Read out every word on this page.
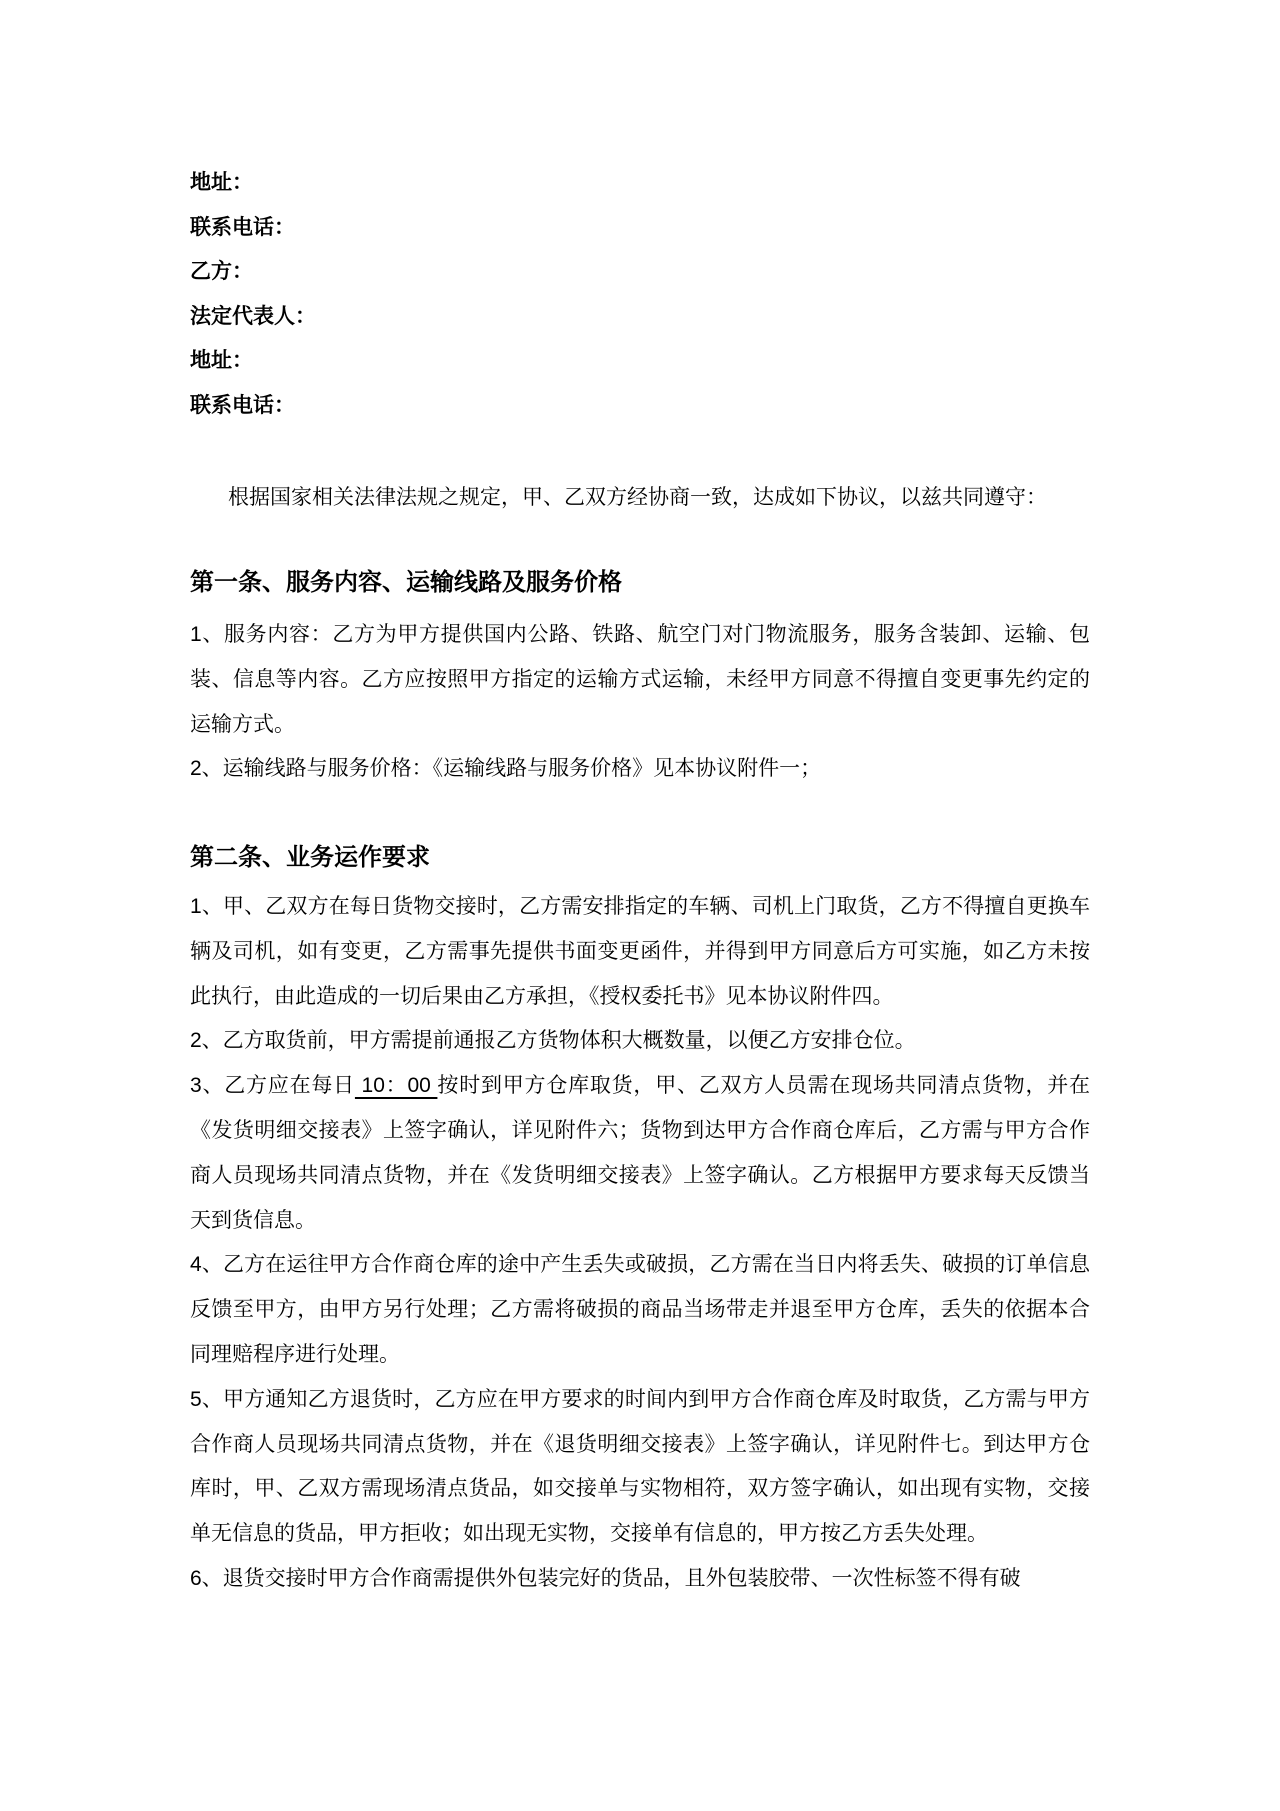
地址：

联系电话：

乙方：

法定代表人：

地址：

联系电话：

根据国家相关法律法规之规定，甲、乙双方经协商一致，达成如下协议，以兹共同遵守：

第一条、服务内容、运输线路及服务价格

1、服务内容：乙方为甲方提供国内公路、铁路、航空门对门物流服务，服务含装卸、运输、包装、信息等内容。乙方应按照甲方指定的运输方式运输，未经甲方同意不得擅自变更事先约定的运输方式。

2、运输线路与服务价格：《运输线路与服务价格》见本协议附件一；

第二条、业务运作要求

1、甲、乙双方在每日货物交接时，乙方需安排指定的车辆、司机上门取货，乙方不得擅自更换车辆及司机，如有变更，乙方需事先提供书面变更函件，并得到甲方同意后方可实施，如乙方未按此执行，由此造成的一切后果由乙方承担，《授权委托书》见本协议附件四。

2、乙方取货前，甲方需提前通报乙方货物体积大概数量，以便乙方安排仓位。

3、乙方应在每日 10：00 按时到甲方仓库取货，甲、乙双方人员需在现场共同清点货物，并在《发货明细交接表》上签字确认，详见附件六；货物到达甲方合作商仓库后，乙方需与甲方合作商人员现场共同清点货物，并在《发货明细交接表》上签字确认。乙方根据甲方要求每天反馈当天到货信息。

4、乙方在运往甲方合作商仓库的途中产生丢失或破损，乙方需在当日内将丢失、破损的订单信息反馈至甲方，由甲方另行处理；乙方需将破损的商品当场带走并退至甲方仓库，丢失的依据本合同理赔程序进行处理。

5、甲方通知乙方退货时，乙方应在甲方要求的时间内到甲方合作商仓库及时取货，乙方需与甲方合作商人员现场共同清点货物，并在《退货明细交接表》上签字确认，详见附件七。到达甲方仓库时，甲、乙双方需现场清点货品，如交接单与实物相符，双方签字确认，如出现有实物，交接单无信息的货品，甲方拒收；如出现无实物，交接单有信息的，甲方按乙方丢失处理。

6、退货交接时甲方合作商需提供外包装完好的货品，且外包装胶带、一次性标签不得有破
